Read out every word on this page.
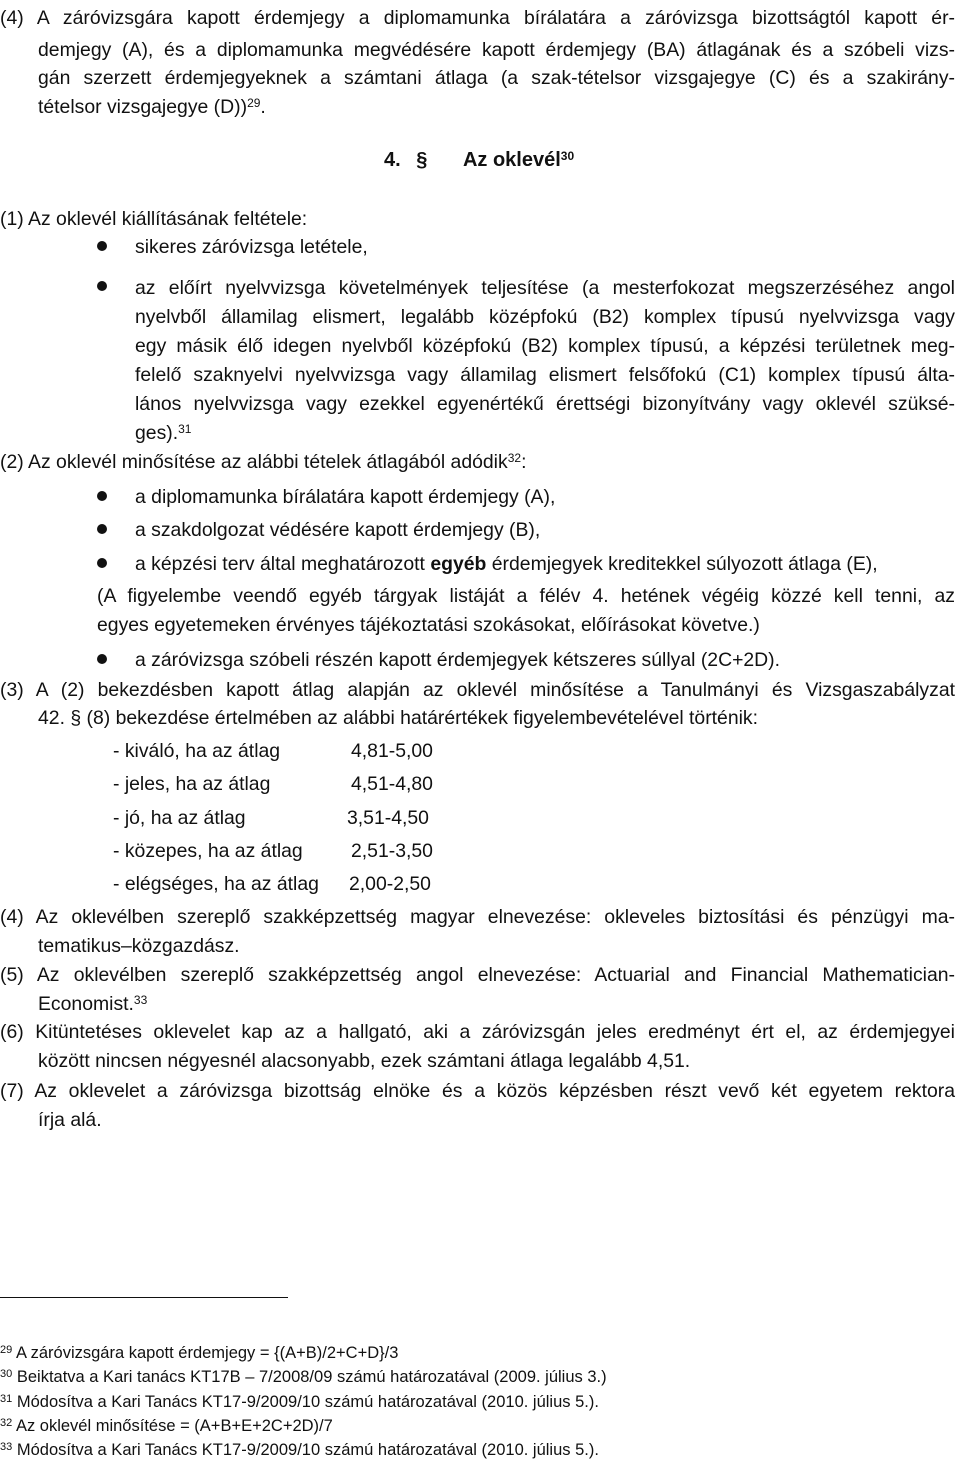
(4) A záróvizsgára kapott érdemjegy a diplomamunka bírálatára a záróvizsga bizottságtól kapott ér-
demjegy (A), és a diplomamunka megvédésére kapott érdemjegy (BA) átlagának és a szóbeli vizs-
gán szerzett érdemjegyeknek a számtani átlaga (a szak-tételsor vizsgajegye (C) és a szakirány-
tételsor vizsgajegye (D))$^{29}$.
4. § Az oklevél$^{30}$
(1) Az oklevél kiállításának feltétele:
sikeres záróvizsga letétele,
az előírt nyelvvizsga követelmények teljesítése (a mesterfokozat megszerzéséhez angol
nyelvből államilag elismert, legalább középfokú (B2) komplex típusú nyelvvizsga vagy
egy másik élő idegen nyelvből középfokú (B2) komplex típusú, a képzési területnek meg-
felelő szaknyelvi nyelvvizsga vagy államilag elismert felsőfokú (C1) komplex típusú álta-
lános nyelvvizsga vagy ezekkel egyenértékű érettségi bizonyítvány vagy oklevél szüksé-
ges).$^{31}$
(2) Az oklevél minősítése az alábbi tételek átlagából adódik$^{32}$:
a diplomamunka bírálatára kapott érdemjegy (A),
a szakdolgozat védésére kapott érdemjegy (B),
a képzési terv által meghatározott egyéb érdemjegyek kreditekkel súlyozott átlaga (E),
(A figyelembe veendő egyéb tárgyak listáját a félév 4. hetének végéig közzé kell tenni, az
egyes egyetemeken érvényes tájékoztatási szokásokat, előírásokat követve.)
a záróvizsga szóbeli részén kapott érdemjegyek kétszeres súllyal (2C+2D).
(3) A (2) bekezdésben kapott átlag alapján az oklevél minősítése a Tanulmányi és Vizsgaszabályzat
42. § (8) bekezdése értelmében az alábbi határértékek figyelembevételével történik:
- kiváló, ha az átlag	4,81-5,00
- jeles, ha az átlag	4,51-4,80
- jó, ha az átlag	3,51-4,50
- közepes, ha az átlag 2,51-3,50
- elégséges, ha az átlag 2,00-2,50
(4) Az oklevélben szereplő szakképzettség magyar elnevezése: okleveles biztosítási és pénzügyi ma-
tematikus–közgazdász.
(5) Az oklevélben szereplő szakképzettség angol elnevezése: Actuarial and Financial Mathematician-
Economist.$^{33}$
(6) Kitüntetéses oklevelet kap az a hallgató, aki a záróvizsgán jeles eredményt ért el, az érdemjegyei
között nincsen négyesnél alacsonyabb, ezek számtani átlaga legalább 4,51.
(7) Az oklevelet a záróvizsga bizottság elnöke és a közös képzésben részt vevő két egyetem rektora
írja alá.
$^{29}$ A záróvizsgára kapott érdemjegy = {(A+B)/2+C+D}/3
$^{30}$ Beiktatva a Kari tanács KT17B – 7/2008/09 számú határozatával (2009. július 3.)
$^{31}$ Módosítva a Kari Tanács KT17-9/2009/10 számú határozatával (2010. július 5.).
$^{32}$ Az oklevél minősítése = (A+B+E+2C+2D)/7
$^{33}$ Módosítva a Kari Tanács KT17-9/2009/10 számú határozatával (2010. július 5.).
